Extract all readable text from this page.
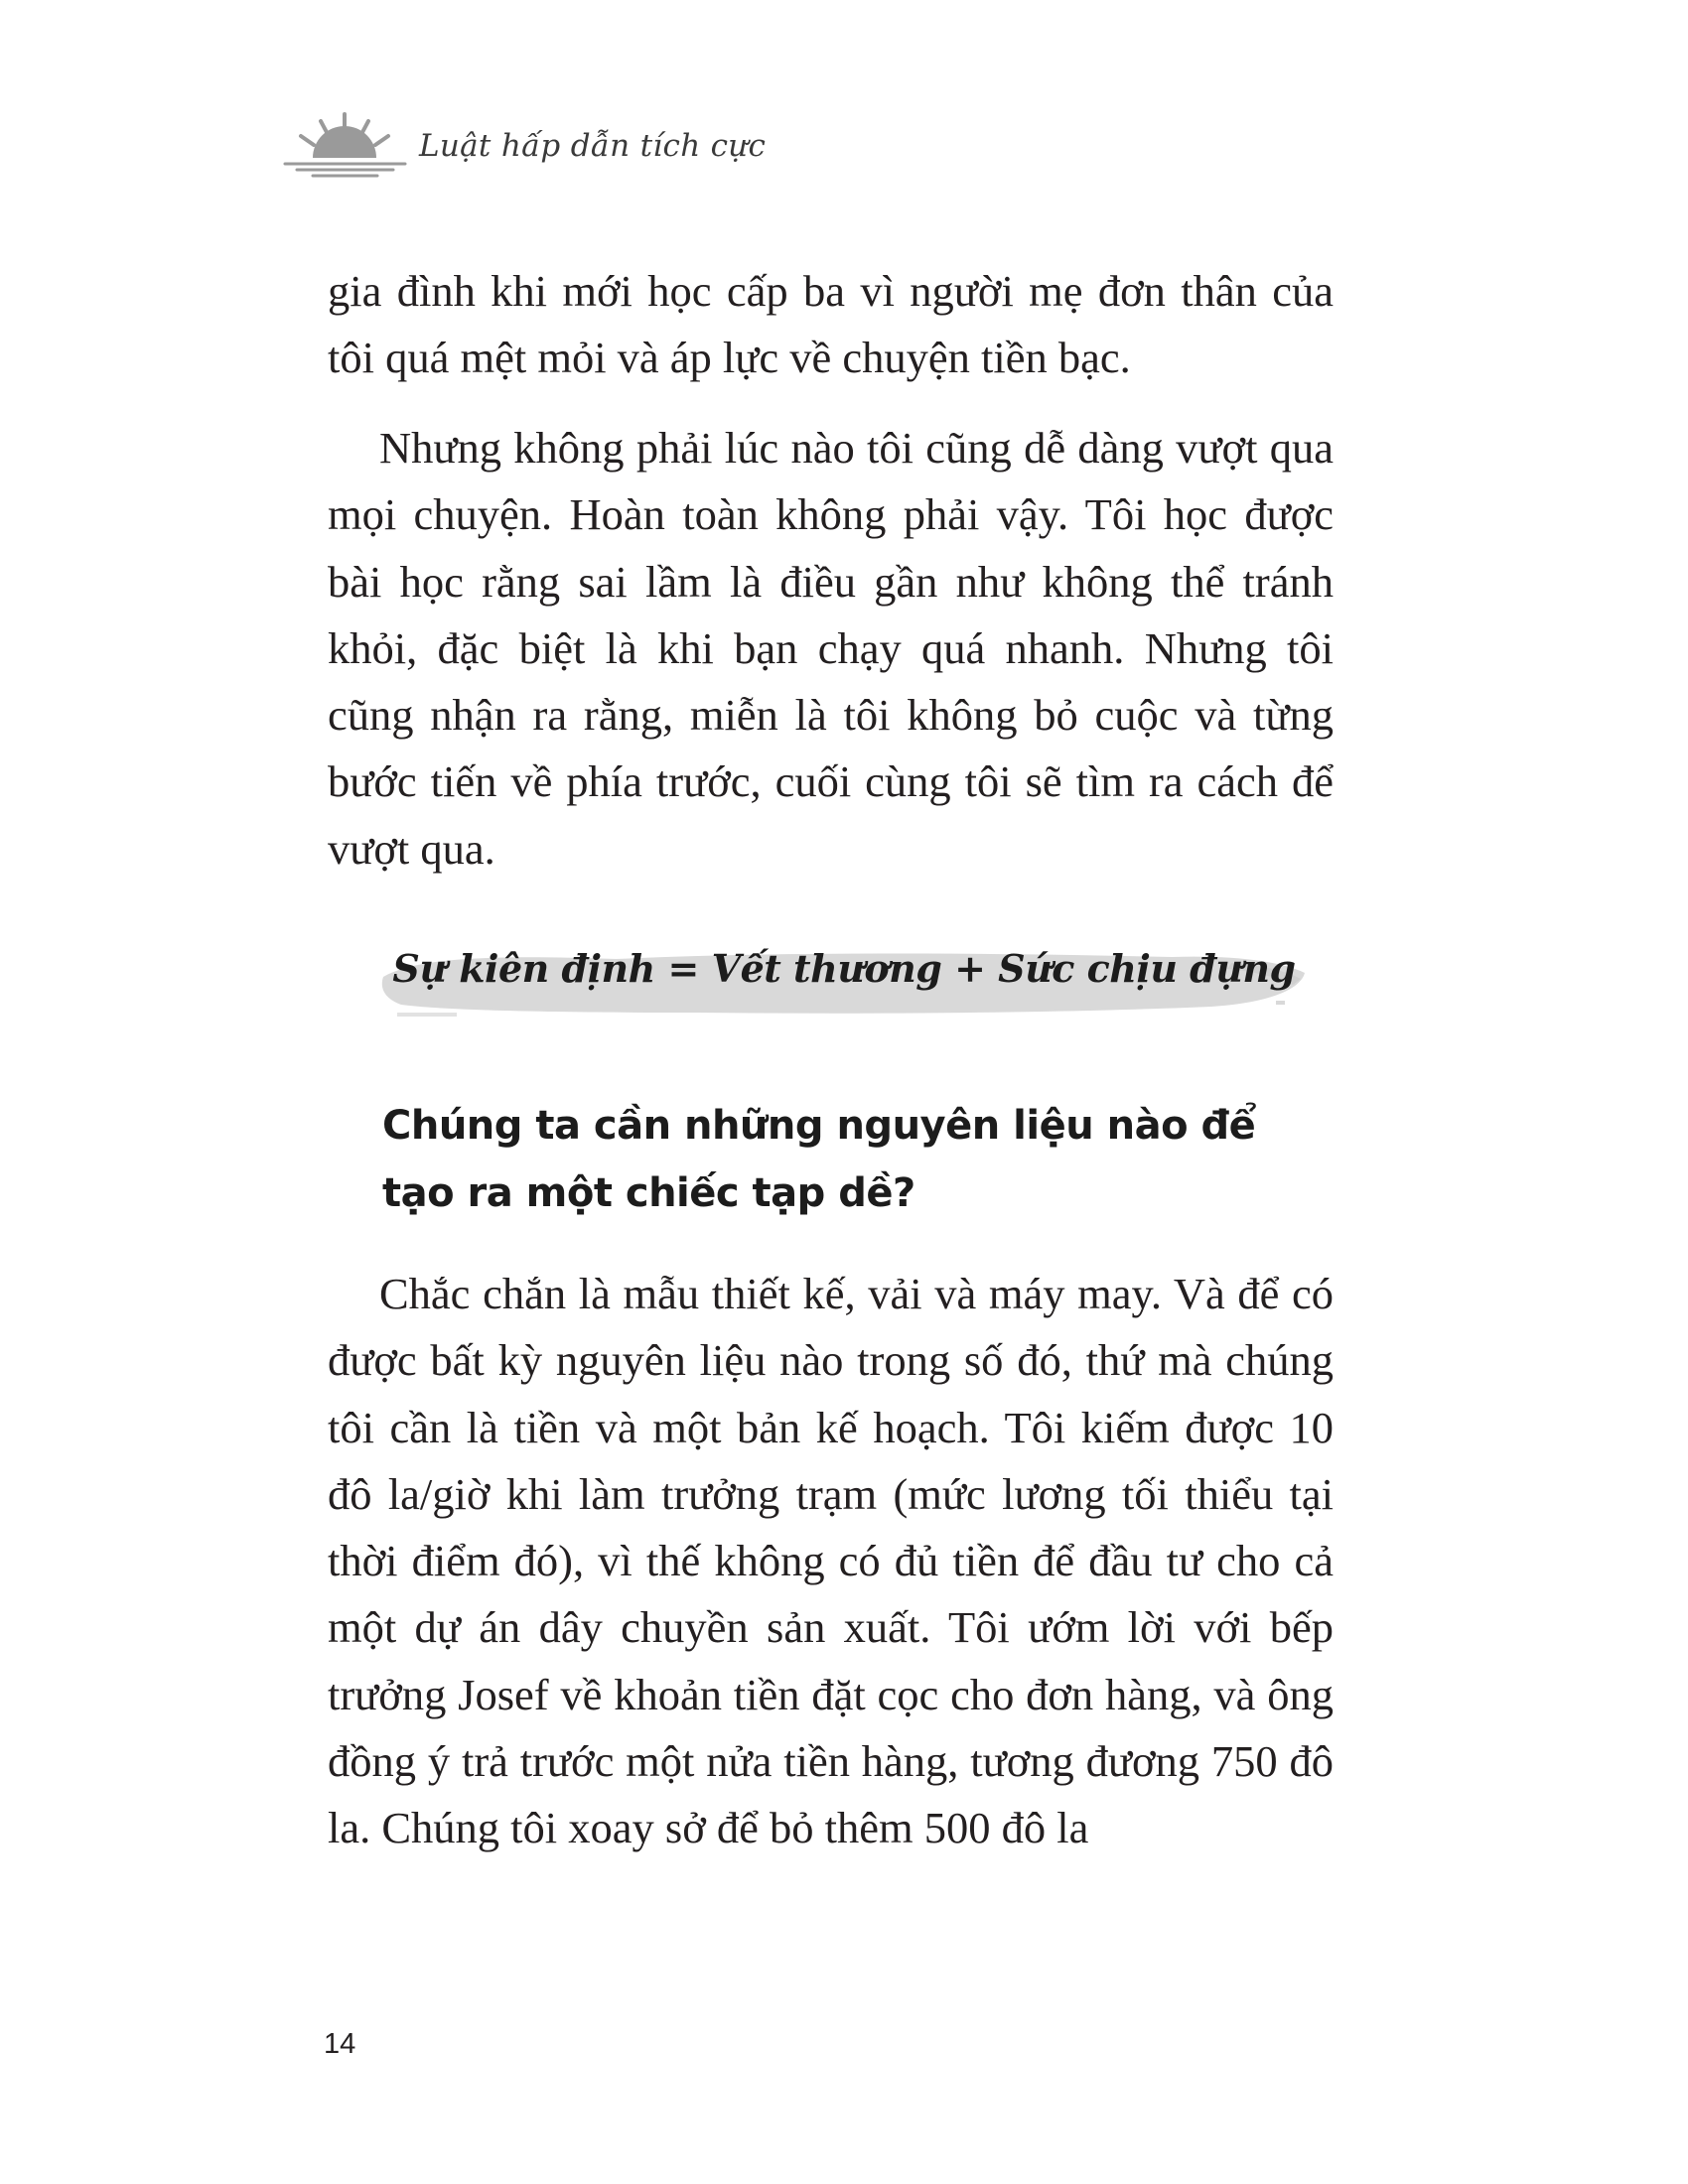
Luật hấp dẫn tích cực

gia đình khi mới học cấp ba vì người mẹ đơn thân của tôi quá mệt mỏi và áp lực về chuyện tiền bạc.

Nhưng không phải lúc nào tôi cũng dễ dàng vượt qua mọi chuyện. Hoàn toàn không phải vậy. Tôi học được bài học rằng sai lầm là điều gần như không thể tránh khỏi, đặc biệt là khi bạn chạy quá nhanh. Nhưng tôi cũng nhận ra rằng, miễn là tôi không bỏ cuộc và từng bước tiến về phía trước, cuối cùng tôi sẽ tìm ra cách để vượt qua.

Sự kiên định = Vết thương + Sức chịu đựng
Chúng ta cần những nguyên liệu nào để tạo ra một chiếc tạp dề?

Chắc chắn là mẫu thiết kế, vải và máy may. Và để có được bất kỳ nguyên liệu nào trong số đó, thứ mà chúng tôi cần là tiền và một bản kế hoạch. Tôi kiếm được 10 đô la/giờ khi làm trưởng trạm (mức lương tối thiểu tại thời điểm đó), vì thế không có đủ tiền để đầu tư cho cả một dự án dây chuyền sản xuất. Tôi ướm lời với bếp trưởng Josef về khoản tiền đặt cọc cho đơn hàng, và ông đồng ý trả trước một nửa tiền hàng, tương đương 750 đô la. Chúng tôi xoay sở để bỏ thêm 500 đô la

14
